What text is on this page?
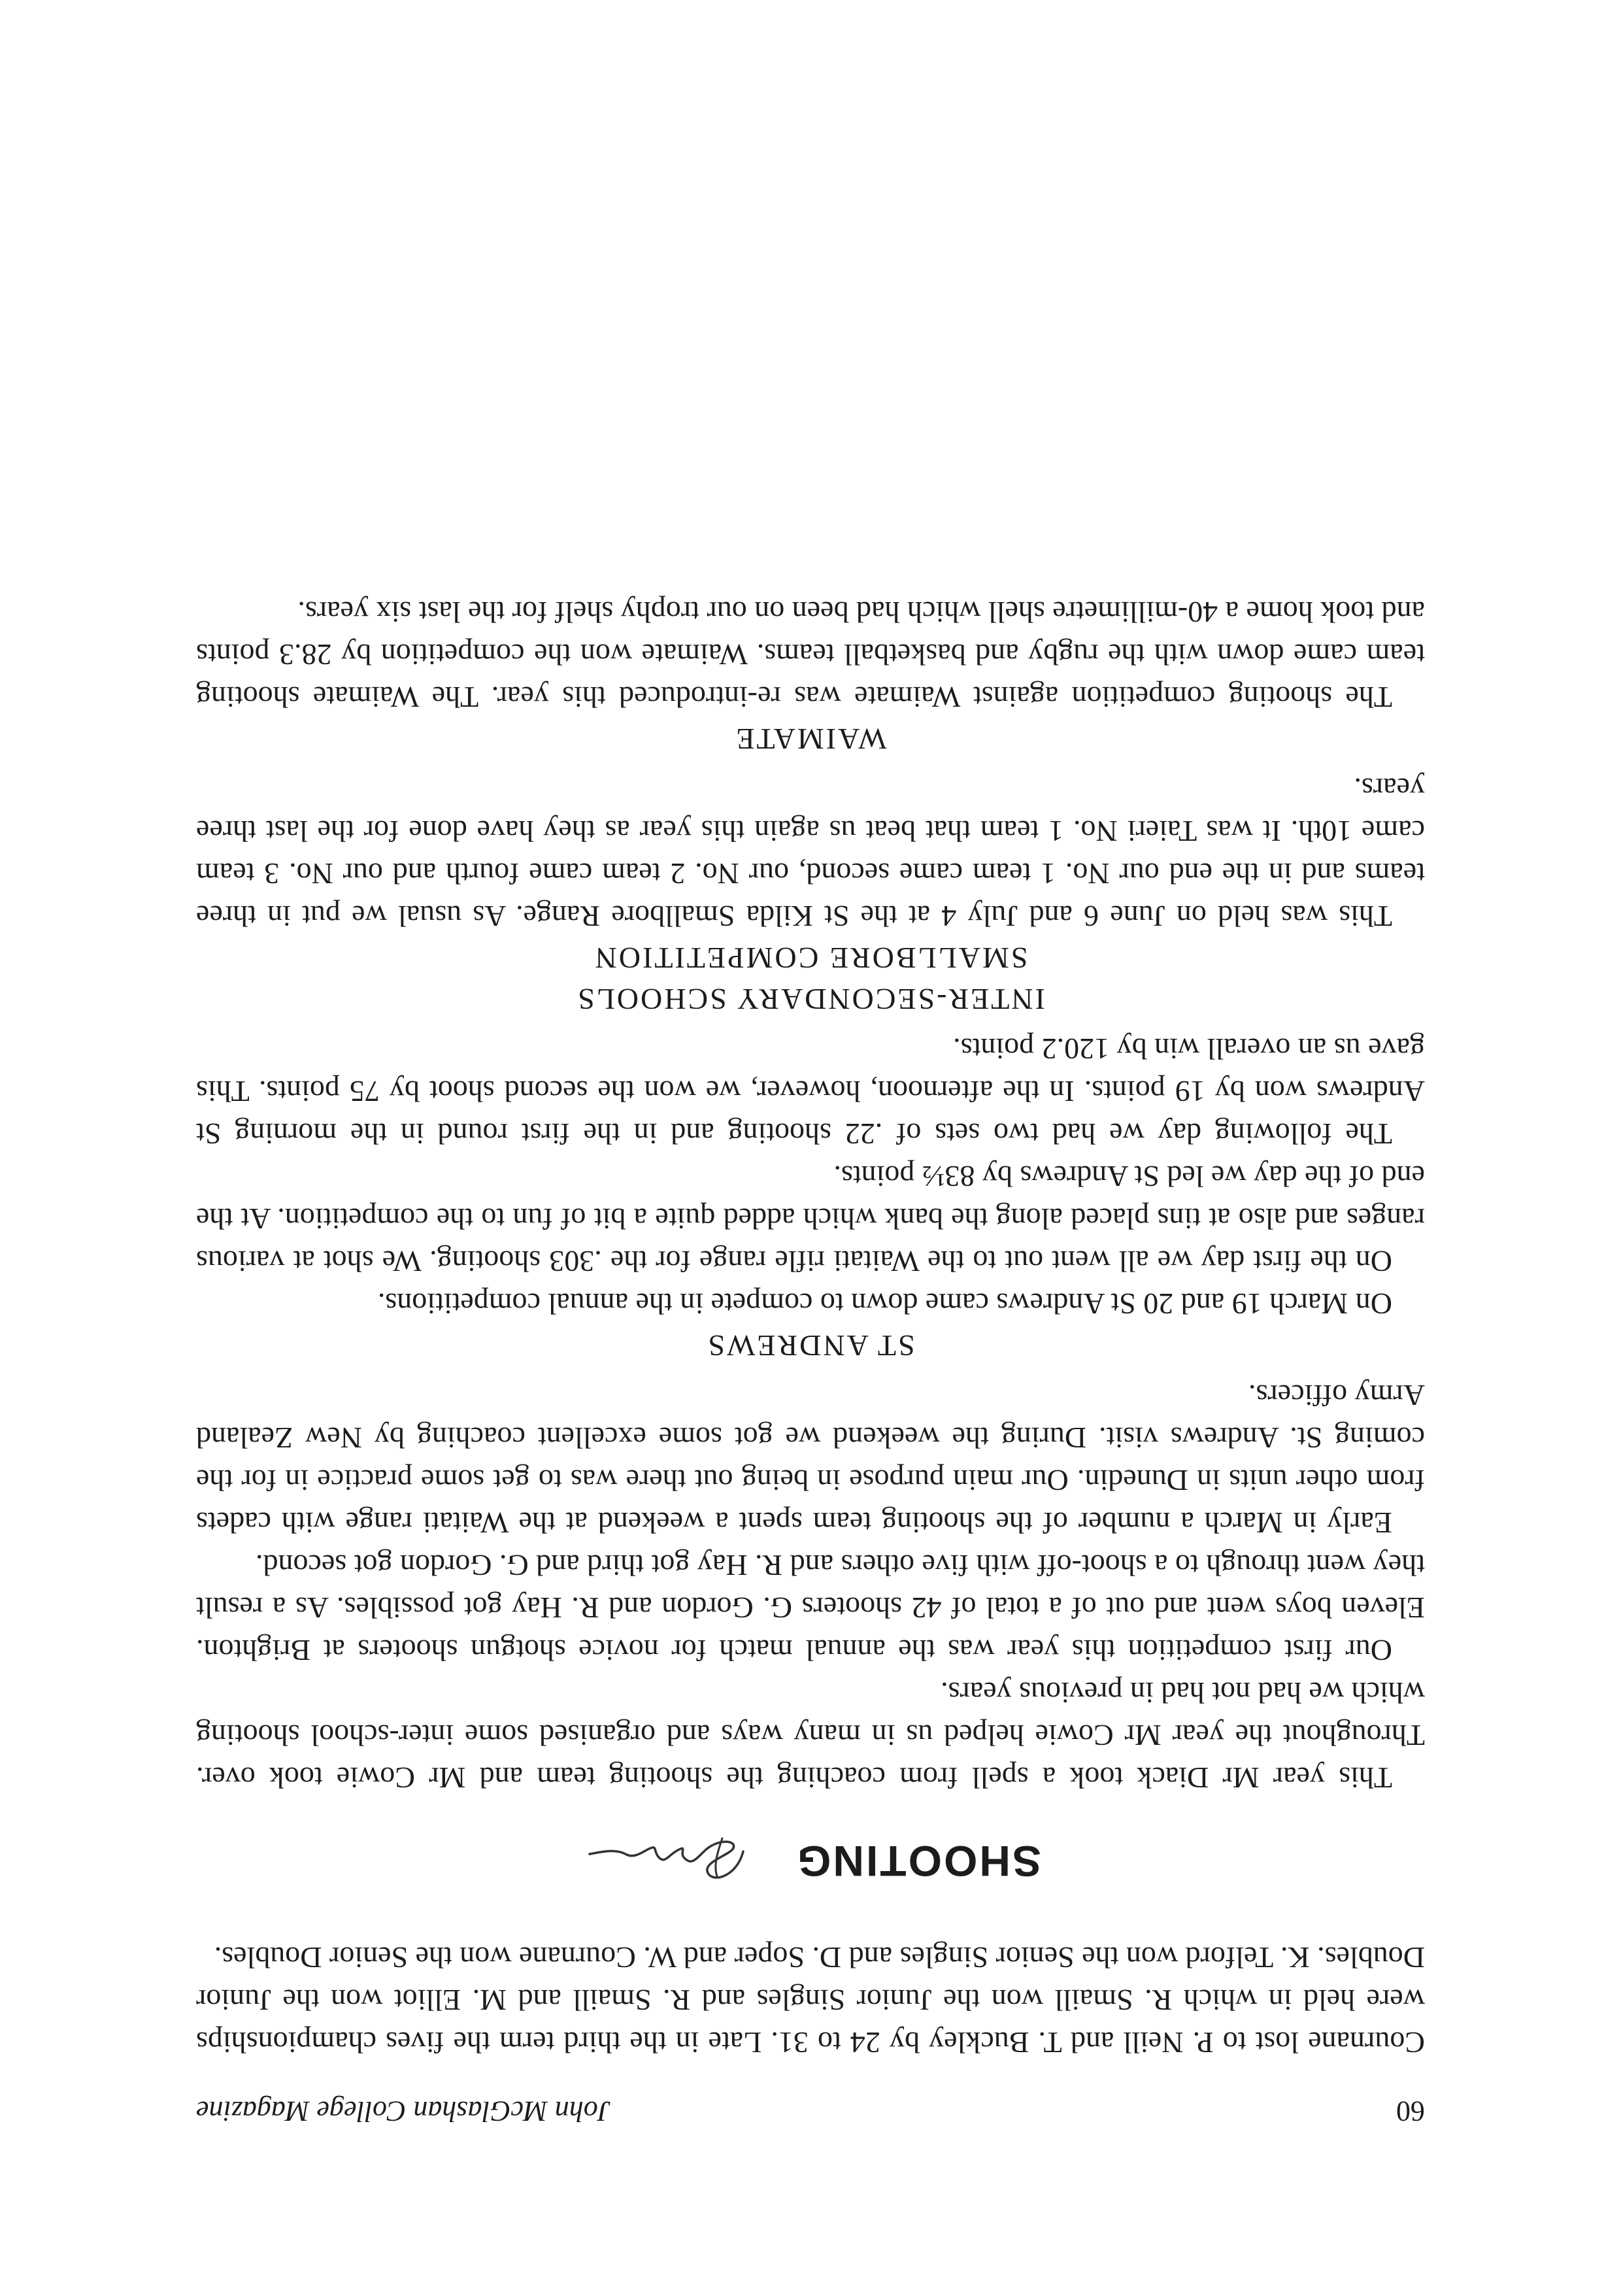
60
John McGlashan College Magazine

Cournane lost to P. Neill and T. Buckley by 24 to 31. Late in the third term the fives championships were held in which R. Smaill won the Junior Singles and R. Smaill and M. Elliot won the Junior Doubles. K. Telford won the Senior Singles and D. Soper and W. Cournane won the Senior Doubles.

SHOOTING

This year Mr Diack took a spell from coaching the shooting team and Mr Cowie took over. Throughout the year Mr Cowie helped us in many ways and organised some inter-school shooting which we had not had in previous years.

Our first competition this year was the annual match for novice shotgun shooters at Brighton. Eleven boys went and out of a total of 42 shooters G. Gordon and R. Hay got possibles. As a result they went through to a shoot-off with five others and R. Hay got third and G. Gordon got second.

Early in March a number of the shooting team spent a weekend at the Waitati range with cadets from other units in Dunedin. Our main purpose in being out there was to get some practice in for the coming St. Andrews visit. During the weekend we got some excellent coaching by New Zealand Army officers.

ST ANDREWS

On March 19 and 20 St Andrews came down to compete in the annual competitions.

On the first day we all went out to the Waitati rifle range for the .303 shooting. We shot at various ranges and also at tins placed along the bank which added quite a bit of fun to the competition. At the end of the day we led St Andrews by 83½ points.

The following day we had two sets of .22 shooting and in the first round in the morning St Andrews won by 19 points. In the afternoon, however, we won the second shoot by 75 points. This gave us an overall win by 120.2 points.

INTER-SECONDARY SCHOOLS
SMALLBORE COMPETITION

This was held on June 6 and July 4 at the St Kilda Smallbore Range. As usual we put in three teams and in the end our No. 1 team came second, our No. 2 team came fourth and our No. 3 team came 10th. It was Taieri No. 1 team that beat us again this year as they have done for the last three years.

WAIMATE

The shooting competition against Waimate was re-introduced this year. The Waimate shooting team came down with the rugby and basketball teams. Waimate won the competition by 28.3 points and took home a 40-millimetre shell which had been on our trophy shelf for the last six years.
